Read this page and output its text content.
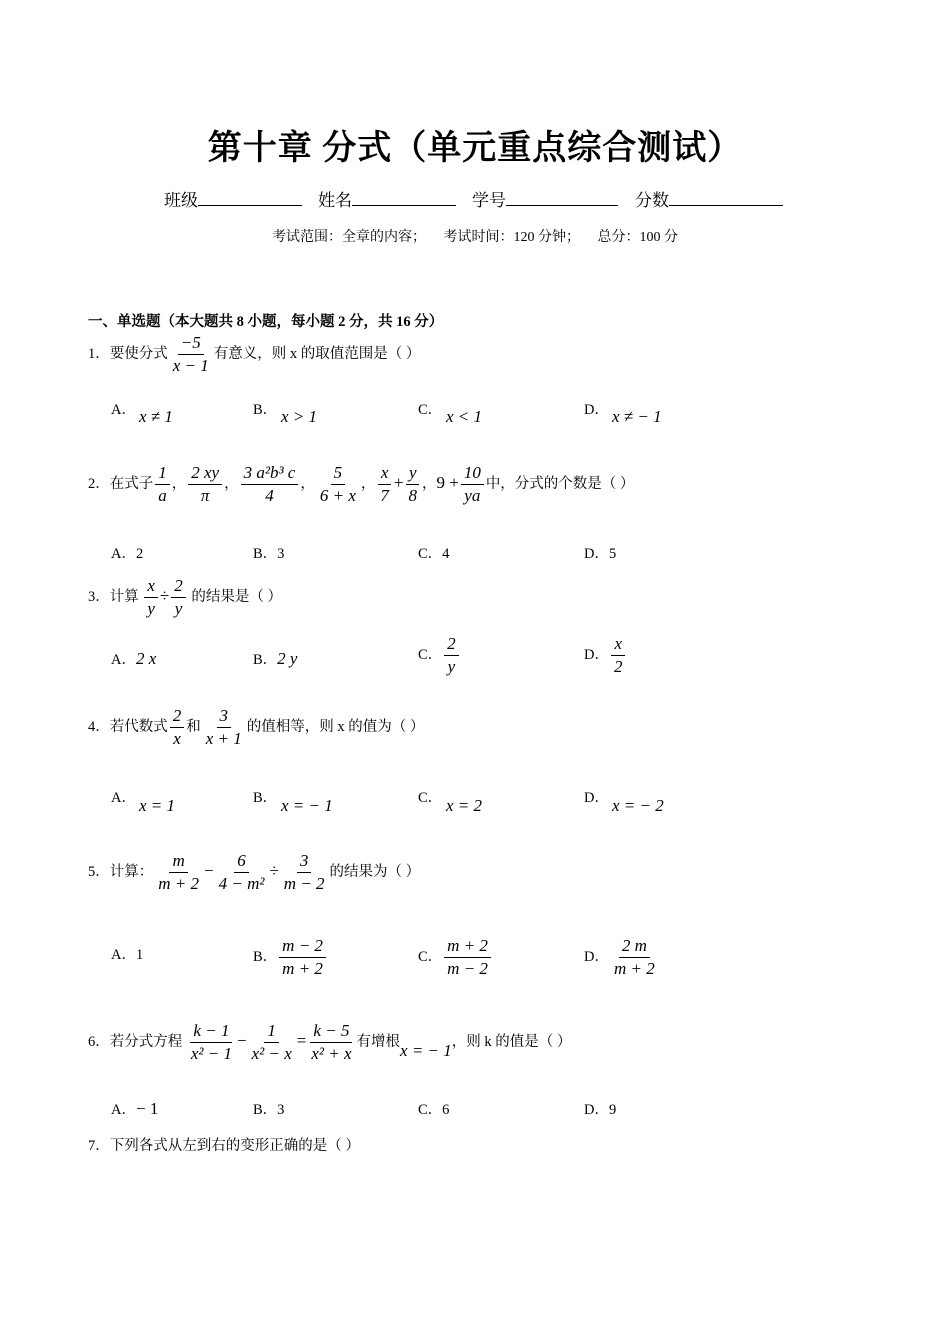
第十章 分式（单元重点综合测试）
班级	姓名	学号	分数
考试范围：全章的内容；     考试时间：120 分钟；     总分：100 分
一、单选题（本大题共 8 小题，每小题 2 分，共 16 分）
1．要使分式 $\frac{-5}{x - 1}$ 有意义，则 x 的取值范围是（ ）
A． x ≠ 1	B． x > 1	C． x < 1	D． x ≠ − 1
2．在式子 $\frac{1}{a}$ ， $\frac{2 xy}{\pi}$ ， $\frac{\text{3 a²b³ c}}{4}$ ， $\frac{5}{6 + x}$ ， $\frac{x}{7} + \frac{y}{8}$ ，$9 + \frac{10}{ya}$ 中，分式的个数是（ ）
A．2	B．3	C．4	D．5
3．计算 $\frac{x}{y} \div \frac{2}{y}$ 的结果是（ ）
A．2 x	B．2 y	C． $\frac{2}{y}$	D． $\frac{x}{2}$
4．若代数式 $\frac{2}{x}$ 和 $\frac{3}{x + 1}$ 的值相等，则 x 的值为（ ）
A． x = 1	B． x = − 1	C． x = 2	D． x = − 2
5．计算： $\frac{m}{m + 2} - \frac{6}{\text{4 − m²}} \div \frac{3}{m - 2}$ 的结果为（ ）
A．1	B． $\frac{m - 2}{m + 2}$	C． $\frac{m + 2}{m - 2}$	D． $\frac{2 m}{m + 2}$
6．若分式方程 $\frac{k - 1}{\text{x² − 1}} - \frac{1}{\text{x² − x}} = \frac{k - 5}{\text{x² + x}}$ 有增根x = − 1，则 k 的值是（ ）
A．− 1	B．3	C．6	D．9
7．下列各式从左到右的变形正确的是（ ）
